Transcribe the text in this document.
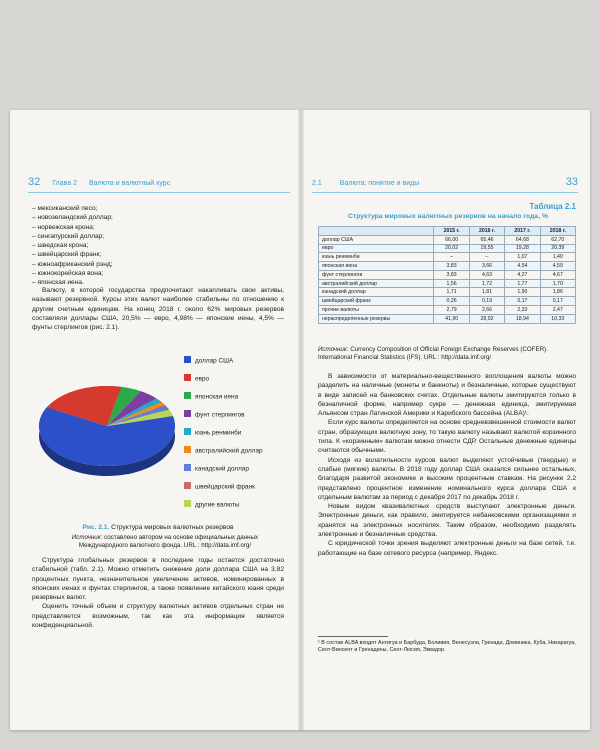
32 Глава 2 Валюта и валютный курс
– мексиканский песо;
– новозеландский доллар;
– норвежская крона;
– сингапурский доллар;
– шведская крона;
– швейцарский франк;
– южноафриканский рэнд;
– южнокорейская вона;
– японская иена.

Валюту, в которой государства предпочитают накапливать свои активы, называют резервной. Курсы этих валют наиболее стабильны по отношению к другим счетным единицам. На конец 2018 г. около 62% мировых резервов составляли доллары США, 20,5% — евро, 4,98% — японские иены, 4,5% — фунты стерлингов (рис. 2.1).

доллар США
евро
японская иена
фунт стерлингов
юань ренминби
австралийский доллар
канадский доллар
швейцарский франк
другие валюты
Рис. 2.1. Структура мировых валютных резервов
Источник: составлено автором на основе официальных данных Международного валютного фонда. URL : http://data.imf.org/

Структура глобальных резервов в последние годы остается достаточно стабильной (табл. 2.1). Можно отметить снижение доли доллара США на 3,82 процентных пункта, незначительное увеличение активов, номинированных в японских иенах и фунтах стерлингов, а также появление китайского юаня среди резервных валют.

Оценить точный объем и структуру валютных активов отдельных стран не представляется возможным, так как эта информация является конфиденциальной.

2.1	Валюта: понятие и виды	33
Таблица 2.1
Структура мировых валютных резервов на начало года, %
	2015 г.	2016 г.	2017 г.	2018 г.
доллар США	66,00	65,46	64,68	62,70
евро	20,02	19,55	19,28	20,39
юань ренминби	–	–	1,07	1,40
японская иена	3,83	3,66	4,54	4,59
фунт стерлингов	3,83	4,63	4,27	4,67
австралийский доллар	1,56	1,72	1,77	1,70
канадский доллар	1,71	1,81	1,90	1,86
швейцарский франк	0,26	0,19	0,17	0,17
прочие валюты	2,79	2,66	2,33	2,47
нераспределенные резервы	41,90	28,92	18,94	10,33
Источник: Currency Composition of Official Foreign Exchange Reserves (COFER). International Financial Statistics (IFS). URL : http://data.imf.org/

В зависимости от материально-вещественного воплощения валюты можно разделить на наличные (монеты и банкноты) и безналичные, которые существуют в виде записей на банковских счетах. Отдельные валюты эмитируются только в безналичной форме, например сукре — денежная единица, эмитируемая Альянсом стран Латинской Америки и Карибского бассейна (ALBA)¹.

Если курс валюты определяется на основе средневзвешенной стоимости валют стран, образующих валютную зону, то такую валюту называют валютой корзинного типа. К «корзинным» валютам можно отнести СДР. Остальные денежные единицы считаются обычными.

Исходя из волатильности курсов валют выделяют устойчивые (твердые) и слабые (мягкие) валюты. В 2018 году доллар США оказался сильнее остальных, благодаря развитой экономике и высоким процентным ставкам. На рисунке 2.2 представлено процентное изменение номинального курса доллара США к отдельным валютам за период с декабря 2017 по декабрь 2018 г.

Новым видом квазивалютных средств выступают электронные деньги. Электронные деньги, как правило, эмитируется небанковскими организациями и хранятся на электронных носителях. Таким образом, необходимо разделять электронные и безналичные средства.

С юридической точки зрения выделяют электронные деньги на базе сетей, т.е. работающие на базе сетевого ресурса (например, Яндекс.

¹ В состав ALBA входят Антигуа и Барбуда, Боливия, Венесуэла, Гренада, Доминика, Куба, Никарагуа, Сент-Винсент и Гренадины, Сент-Люсия, Эквадор.
